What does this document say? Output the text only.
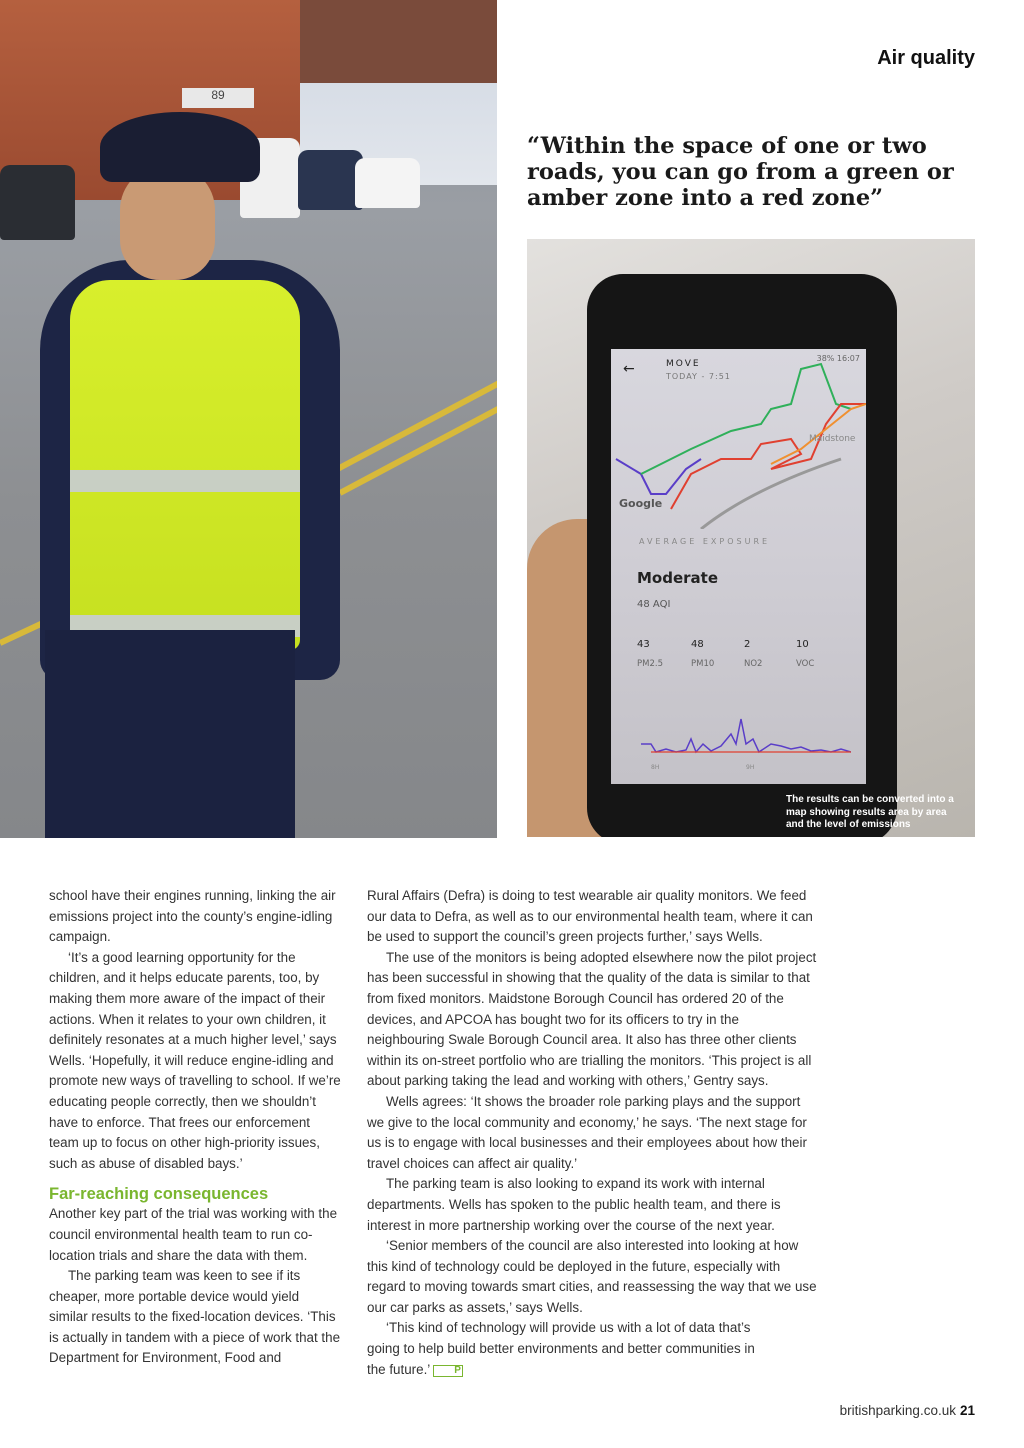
89
Air quality
“Within the space of one or two roads, you can go from a green or amber zone into a red zone”
←	MOVE
TODAY - 7:51
38% 16:07
Maidstone
Google
AVERAGE EXPOSURE
Moderate
48 AQI
43
PM2.5
48
PM10
2
NO2
10
VOC
8H	9H
The results can be converted into a map showing results area by area and the level of emissions

school have their engines running, linking the air emissions project into the county’s engine-idling campaign.

‘It’s a good learning opportunity for the children, and it helps educate parents, too, by making them more aware of the impact of their actions. When it relates to your own children, it definitely resonates at a much higher level,’ says Wells. ‘Hopefully, it will reduce engine-idling and promote new ways of travelling to school. If we’re educating people correctly, then we shouldn’t have to enforce. That frees our enforcement team up to focus on other high-priority issues, such as abuse of disabled bays.’

Far-reaching consequences

Another key part of the trial was working with the council environmental health team to run co-location trials and share the data with them.

The parking team was keen to see if its cheaper, more portable device would yield similar results to the fixed-location devices. ‘This is actually in tandem with a piece of work that the Department for Environment, Food and

Rural Affairs (Defra) is doing to test wearable air quality monitors. We feed our data to Defra, as well as to our environmental health team, where it can be used to support the council’s green projects further,’ says Wells.

The use of the monitors is being adopted elsewhere now the pilot project has been successful in showing that the quality of the data is similar to that from fixed monitors. Maidstone Borough Council has ordered 20 of the devices, and APCOA has bought two for its officers to try in the neighbouring Swale Borough Council area. It also has three other clients within its on-street portfolio who are trialling the monitors. ‘This project is all about parking taking the lead and working with others,’ Gentry says.

Wells agrees: ‘It shows the broader role parking plays and the support we give to the local community and economy,’ he says. ‘The next stage for us is to engage with local businesses and their employees about how their travel choices can affect air quality.’

The parking team is also looking to expand its work with internal departments. Wells has spoken to the public health team, and there is interest in more partnership working over the course of the next year.

‘Senior members of the council are also interested into looking at how this kind of technology could be deployed in the future, especially with regard to moving towards smart cities, and reassessing the way that we use our car parks as assets,’ says Wells.

‘This kind of technology will provide us with a lot of data that’s going to help build better environments and better communities in the future.’ P

britishparking.co.uk 21
